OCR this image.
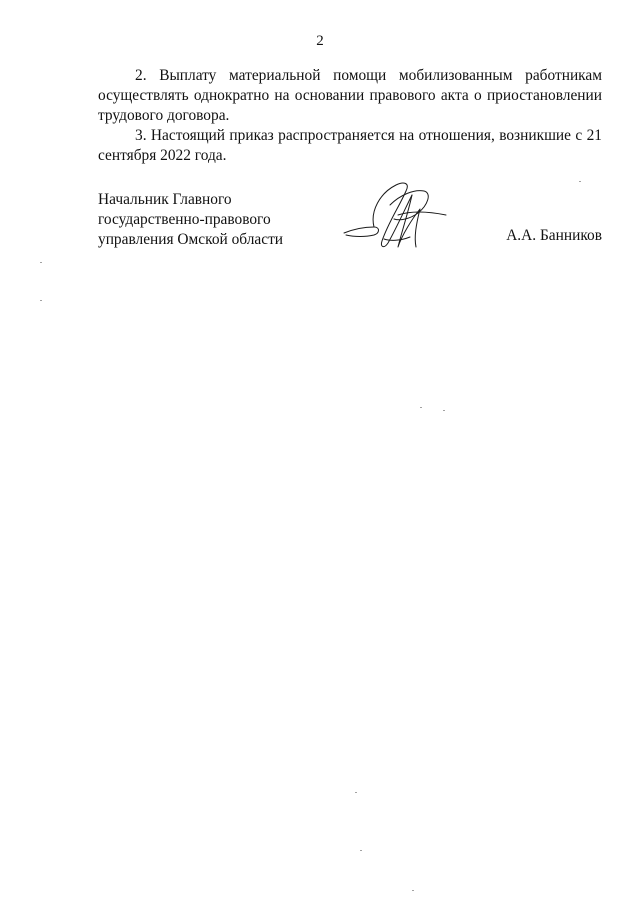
2

2. Выплату материальной помощи мобилизованным работникам осуществлять однократно на основании правового акта о приостановлении трудового договора.

3. Настоящий приказ распространяется на отношения, возникшие с 21 сентября 2022 года.

Начальник Главного
государственно-правового
управления Омской области	А.А. Банников
